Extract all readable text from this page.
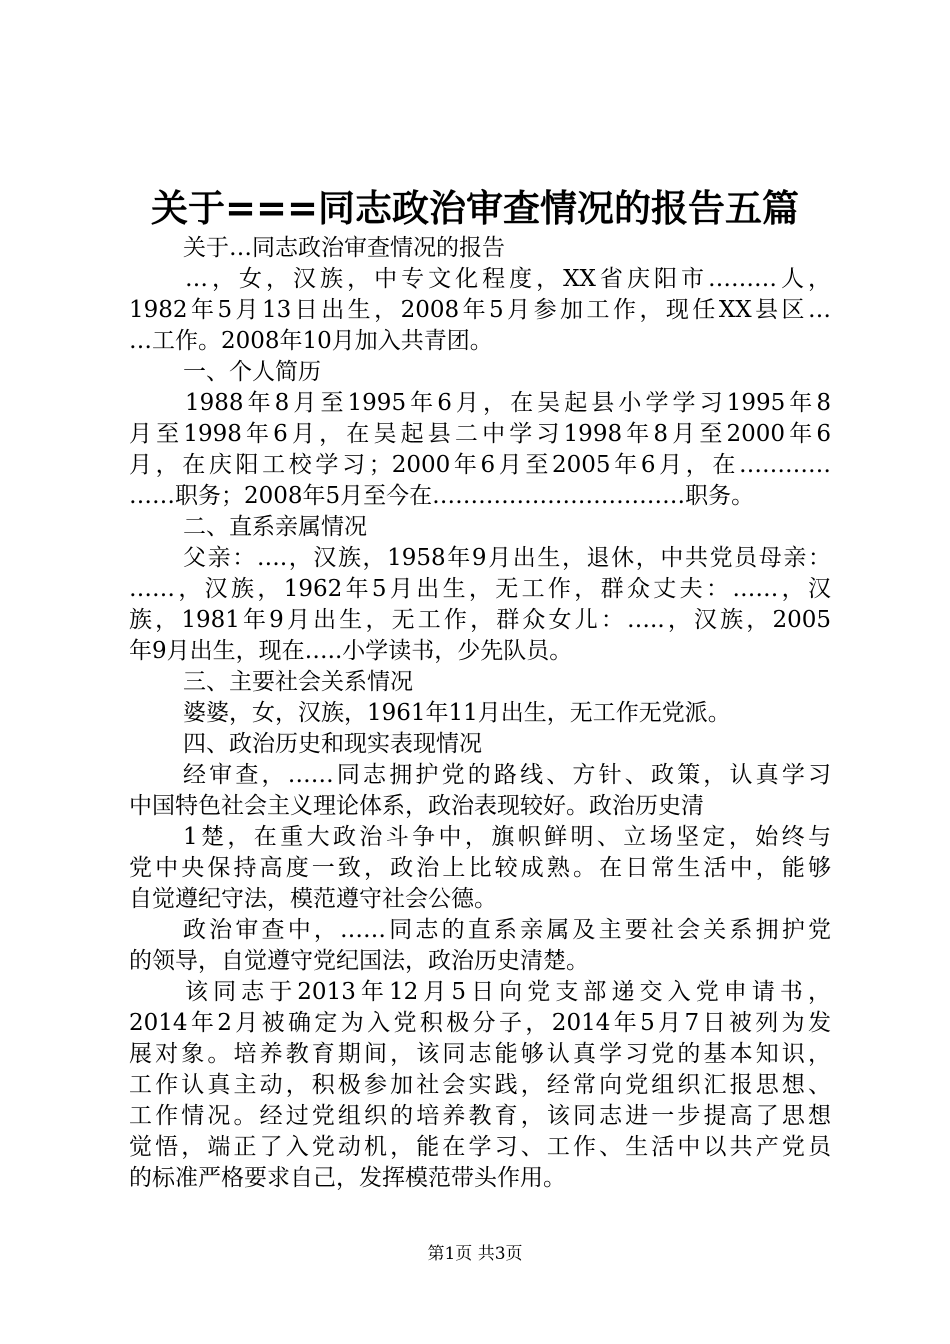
关于===同志政治审查情况的报告五篇
关于…同志政治审查情况的报告
…，女，汉族，中专文化程度，XX省庆阳市………人，
1982年5月13日出生，2008年5月参加工作，现任XX县区…
…工作。2008年10月加入共青团。
一、个人简历
1988年8月至1995年6月，在吴起县小学学习1995年8
月至1998年6月，在吴起县二中学习1998年8月至2000年6
月，在庆阳工校学习；2000年6月至2005年6月，在…………
……职务；2008年5月至今在……………………………职务。
二、直系亲属情况
父亲：….，汉族，1958年9月出生，退休，中共党员母亲：
……，汉族，1962年5月出生，无工作，群众丈夫：……，汉
族，1981年9月出生，无工作，群众女儿：…..，汉族，2005
年9月出生，现在…..小学读书，少先队员。
三、主要社会关系情况
婆婆，女，汉族，1961年11月出生，无工作无党派。
四、政治历史和现实表现情况
经审查，……同志拥护党的路线、方针、政策，认真学习
中国特色社会主义理论体系，政治表现较好。政治历史清
1楚，在重大政治斗争中，旗帜鲜明、立场坚定，始终与
党中央保持高度一致，政治上比较成熟。在日常生活中，能够
自觉遵纪守法，模范遵守社会公德。
政治审查中，……同志的直系亲属及主要社会关系拥护党
的领导，自觉遵守党纪国法，政治历史清楚。
该同志于2013年12月5日向党支部递交入党申请书，
2014年2月被确定为入党积极分子，2014年5月7日被列为发
展对象。培养教育期间，该同志能够认真学习党的基本知识，
工作认真主动，积极参加社会实践，经常向党组织汇报思想、
工作情况。经过党组织的培养教育，该同志进一步提高了思想
觉悟，端正了入党动机，能在学习、工作、生活中以共产党员
的标准严格要求自己，发挥模范带头作用。
第1页 共3页
